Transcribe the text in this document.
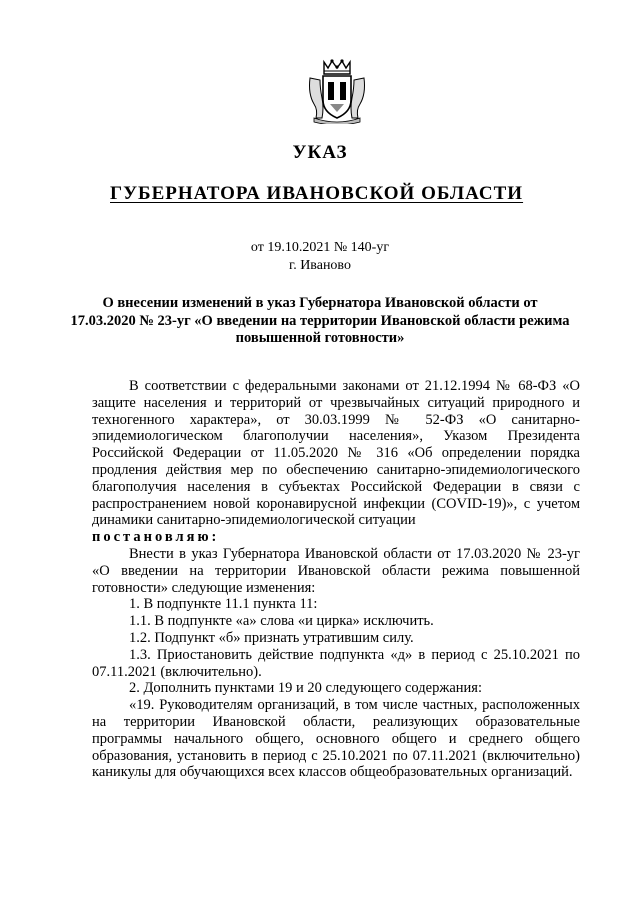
УКАЗ
ГУБЕРНАТОРА ИВАНОВСКОЙ ОБЛАСТИ
от 19.10.2021 № 140-уг
г. Иваново
О внесении изменений в указ Губернатора Ивановской области от 17.03.2020 № 23-уг «О введении на территории Ивановской области режима повышенной готовности»

В соответствии с федеральными законами от 21.12.1994 № 68-ФЗ «О защите населения и территорий от чрезвычайных ситуаций природного и техногенного характера», от 30.03.1999 № 52-ФЗ «О санитарно-эпидемиологическом благополучии населения», Указом Президента Российской Федерации от 11.05.2020 № 316 «Об определении порядка продления действия мер по обеспечению санитарно-эпидемиологического благополучия населения в субъектах Российской Федерации в связи с распространением новой коронавирусной инфекции (COVID-19)», с учетом динамики санитарно-эпидемиологической ситуации
постановляю:

Внести в указ Губернатора Ивановской области от 17.03.2020 № 23-уг «О введении на территории Ивановской области режима повышенной готовности» следующие изменения:

1. В подпункте 11.1 пункта 11:

1.1. В подпункте «а» слова «и цирка» исключить.

1.2. Подпункт «б» признать утратившим силу.

1.3. Приостановить действие подпункта «д» в период с 25.10.2021 по 07.11.2021 (включительно).

2. Дополнить пунктами 19 и 20 следующего содержания:

«19. Руководителям организаций, в том числе частных, расположенных на территории Ивановской области, реализующих образовательные программы начального общего, основного общего и среднего общего образования, установить в период с 25.10.2021 по 07.11.2021 (включительно) каникулы для обучающихся всех классов общеобразовательных организаций.
